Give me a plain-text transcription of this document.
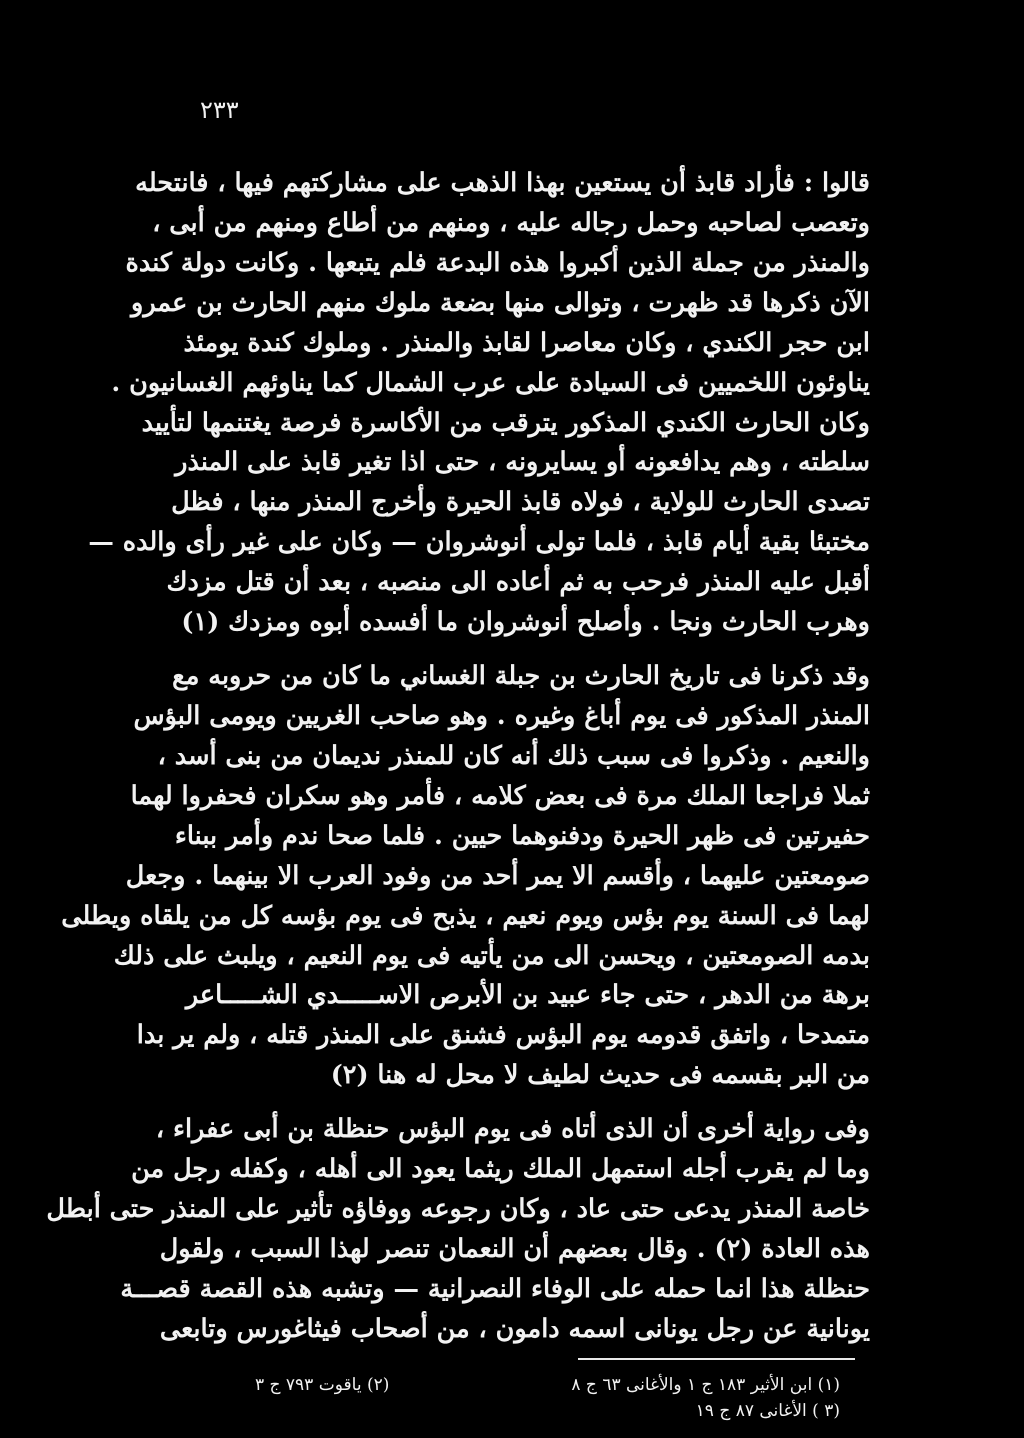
٢٣٣
قالوا : فأراد قابذ أن يستعين بهذا الذهب على مشاركتهم فيها ، فانتحله
وتعصب لصاحبه وحمل رجاله عليه ، ومنهم من أطاع ومنهم من أبى ،
والمنذر من جملة الذين أكبروا هذه البدعة فلم يتبعها . وكانت دولة كندة
الآن ذكرها قد ظهرت ، وتوالى منها بضعة ملوك منهم الحارث بن عمرو
ابن حجر الكندي ، وكان معاصرا لقابذ والمنذر . وملوك كندة يومئذ
يناوئون اللخميين فى السيادة على عرب الشمال كما يناوئهم الغسانيون .
وكان الحارث الكندي المذكور يترقب من الأكاسرة فرصة يغتنمها لتأييد
سلطته ، وهم يدافعونه أو يسايرونه ، حتى اذا تغير قابذ على المنذر
تصدى الحارث للولاية ، فولاه قابذ الحيرة وأخرج المنذر منها ، فظل
مختبئا بقية أيام قابذ ، فلما تولى أنوشروان — وكان على غير رأى والده —
أقبل عليه المنذر فرحب به ثم أعاده الى منصبه ، بعد أن قتل مزدك
وهرب الحارث ونجا . وأصلح أنوشروان ما أفسده أبوه ومزدك (١)
وقد ذكرنا فى تاريخ الحارث بن جبلة الغساني ما كان من حروبه مع
المنذر المذكور فى يوم أباغ وغيره . وهو صاحب الغريين ويومى البؤس
والنعيم . وذكروا فى سبب ذلك أنه كان للمنذر نديمان من بنى أسد ،
ثملا فراجعا الملك مرة فى بعض كلامه ، فأمر وهو سكران فحفروا لهما
حفيرتين فى ظهر الحيرة ودفنوهما حيين . فلما صحا ندم وأمر ببناء
صومعتين عليهما ، وأقسم الا يمر أحد من وفود العرب الا بينهما . وجعل
لهما فى السنة يوم بؤس ويوم نعيم ، يذبح فى يوم بؤسه كل من يلقاه ويطلى
بدمه الصومعتين ، ويحسن الى من يأتيه فى يوم النعيم ، ويلبث على ذلك
برهة من الدهر ، حتى جاء عبيد بن الأبرص الاســـــدي الشـــــاعر
متمدحا ، واتفق قدومه يوم البؤس فشنق على المنذر قتله ، ولم ير بدا
من البر بقسمه فى حديث لطيف لا محل له هنا (٢)
وفى رواية أخرى أن الذى أتاه فى يوم البؤس حنظلة بن أبى عفراء ،
وما لم يقرب أجله استمهل الملك ريثما يعود الى أهله ، وكفله رجل من
خاصة المنذر يدعى حتى عاد ، وكان رجوعه ووفاؤه تأثير على المنذر حتى أبطل
هذه العادة (٢) . وقال بعضهم أن النعمان تنصر لهذا السبب ، ولقول
حنظلة هذا انما حمله على الوفاء النصرانية — وتشبه هذه القصة قصـــة
يونانية عن رجل يونانى اسمه دامون ، من أصحاب فيثاغورس وتابعى
(١) ابن الأثير ١٨٣ ج ١ والأغانى ٦٣ ج ٨
(٢) ياقوت ٧٩٣ ج ٣
(٣ ) الأغانى ٨٧ ج ١٩
